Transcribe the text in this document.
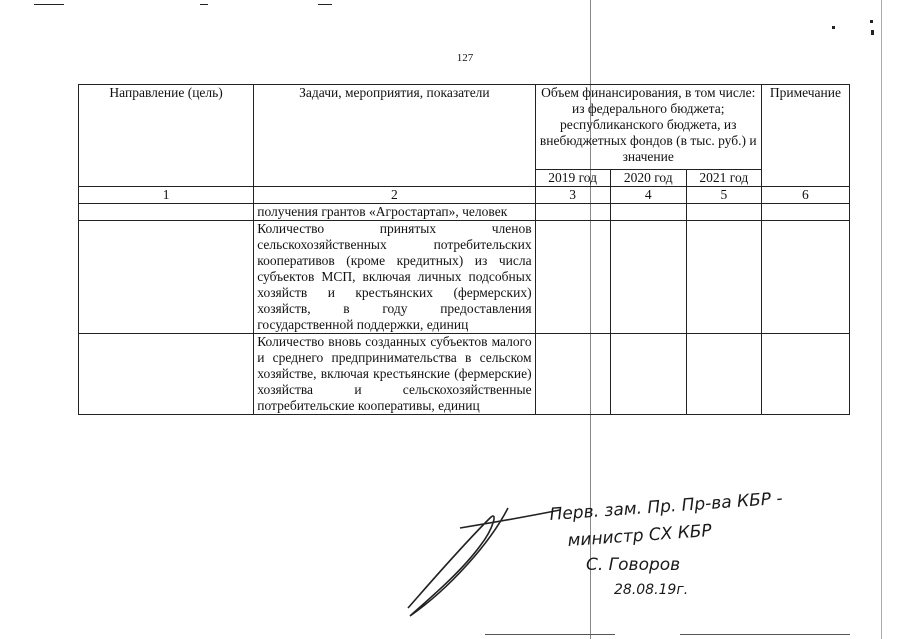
127
Направление (цель)	Задачи, мероприятия, показатели	Объем финансирования, в том числе: из федерального бюджета; республиканского бюджета, из внебюджетных фондов (в тыс. руб.) и значение			Примечание
		2019 год	2020 год	2021 год	
1	2	3	4	5	6
	получения грантов «Агростартап», человек				
	Количество принятых членов сельскохозяйственных потребительских кооперативов (кроме кредитных) из числа субъектов МСП, включая личных подсобных хозяйств и крестьянских (фермерских) хозяйств, в году предоставления государственной поддержки, единиц				
	Количество вновь созданных субъектов малого и среднего предпринимательства в сельском хозяйстве, включая крестьянские (фермерские) хозяйства и сельскохозяйственные потребительские кооперативы, единиц				
Перв. зам. Пр. Пр-ва КБР -
министр СХ КБР
С. Говоров
28.08.19г.
